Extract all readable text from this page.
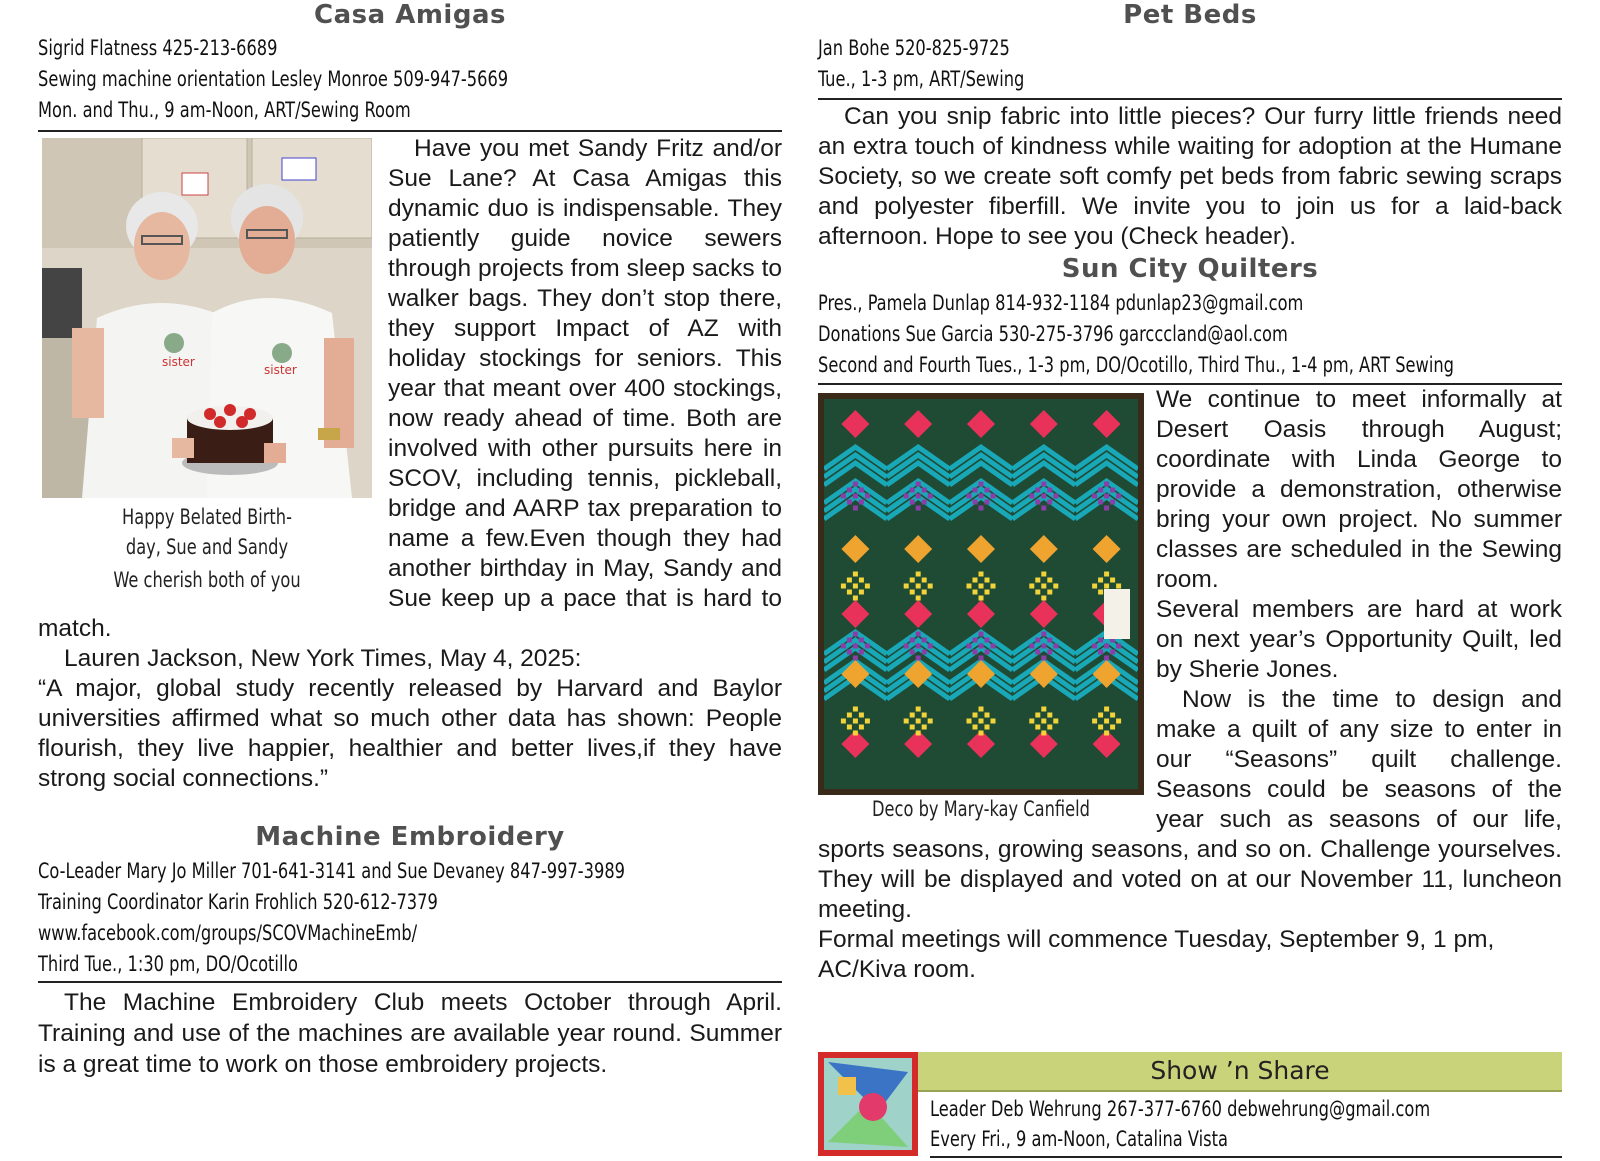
Casa Amigas
Sigrid Flatness 425-213-6689
Sewing machine orientation Lesley Monroe 509-947-5669
Mon. and Thu., 9 am-Noon, ART/Sewing Room
sister
sister
Happy Belated Birth-
day, Sue and Sandy
We cherish both of you

Have you met Sandy Fritz and/or Sue Lane? At Casa Amigas this dynamic duo is indispensable. They patiently guide novice sewers through projects from sleep sacks to walker bags. They don’t stop there, they support Impact of AZ with holiday stockings for seniors. This year that meant over 400 stockings, now ready ahead of time. Both are involved with other pursuits here in SCOV, including tennis, pickleball, bridge and AARP tax preparation to name a few.Even though they had another birthday in May, Sandy and Sue keep up a pace that is hard to match.

Lauren Jackson, New York Times, May 4, 2025:

“A major, global study recently released by Harvard and Baylor universities affirmed what so much other data has shown: People flourish, they live happier, healthier and better lives,if they have strong social connections.”

Machine Embroidery
Co-Leader Mary Jo Miller 701-641-3141 and Sue Devaney 847-997-3989
Training Coordinator Karin Frohlich 520-612-7379
www.facebook.com/groups/SCOVMachineEmb/
Third Tue., 1:30 pm, DO/Ocotillo

The Machine Embroidery Club meets October through April. Training and use of the machines are available year round. Summer is a great time to work on those embroidery projects.

Pet Beds
Jan Bohe 520-825-9725
Tue., 1-3 pm, ART/Sewing

Can you snip fabric into little pieces? Our furry little friends need an extra touch of kindness while waiting for adoption at the Humane Society, so we create soft comfy pet beds from fabric sewing scraps and polyester fiberfill. We invite you to join us for a laid-back afternoon. Hope to see you (Check header).

Sun City Quilters
Pres., Pamela Dunlap 814-932-1184 pdunlap23@gmail.com
Donations Sue Garcia 530-275-3796 garcccland@aol.com
Second and Fourth Tues., 1-3 pm, DO/Ocotillo, Third Thu., 1-4 pm, ART Sewing
Deco by Mary-kay Canfield

We continue to meet informally at Desert Oasis through August; coordinate with Linda George to provide a demonstration, otherwise bring your own project. No summer classes are scheduled in the Sewing room.

Several members are hard at work on next year’s Opportunity Quilt, led by Sherie Jones.

Now is the time to design and make a quilt of any size to enter in our “Seasons” quilt challenge. Seasons could be seasons of the year such as seasons of our life, sports seasons, growing seasons, and so on. Challenge yourselves. They will be displayed and voted on at our November 11, luncheon meeting.

Formal meetings will commence Tuesday, September 9, 1 pm, AC/Kiva room.

Show ’n Share
Leader Deb Wehrung 267-377-6760 debwehrung@gmail.com
Every Fri., 9 am-Noon, Catalina Vista
